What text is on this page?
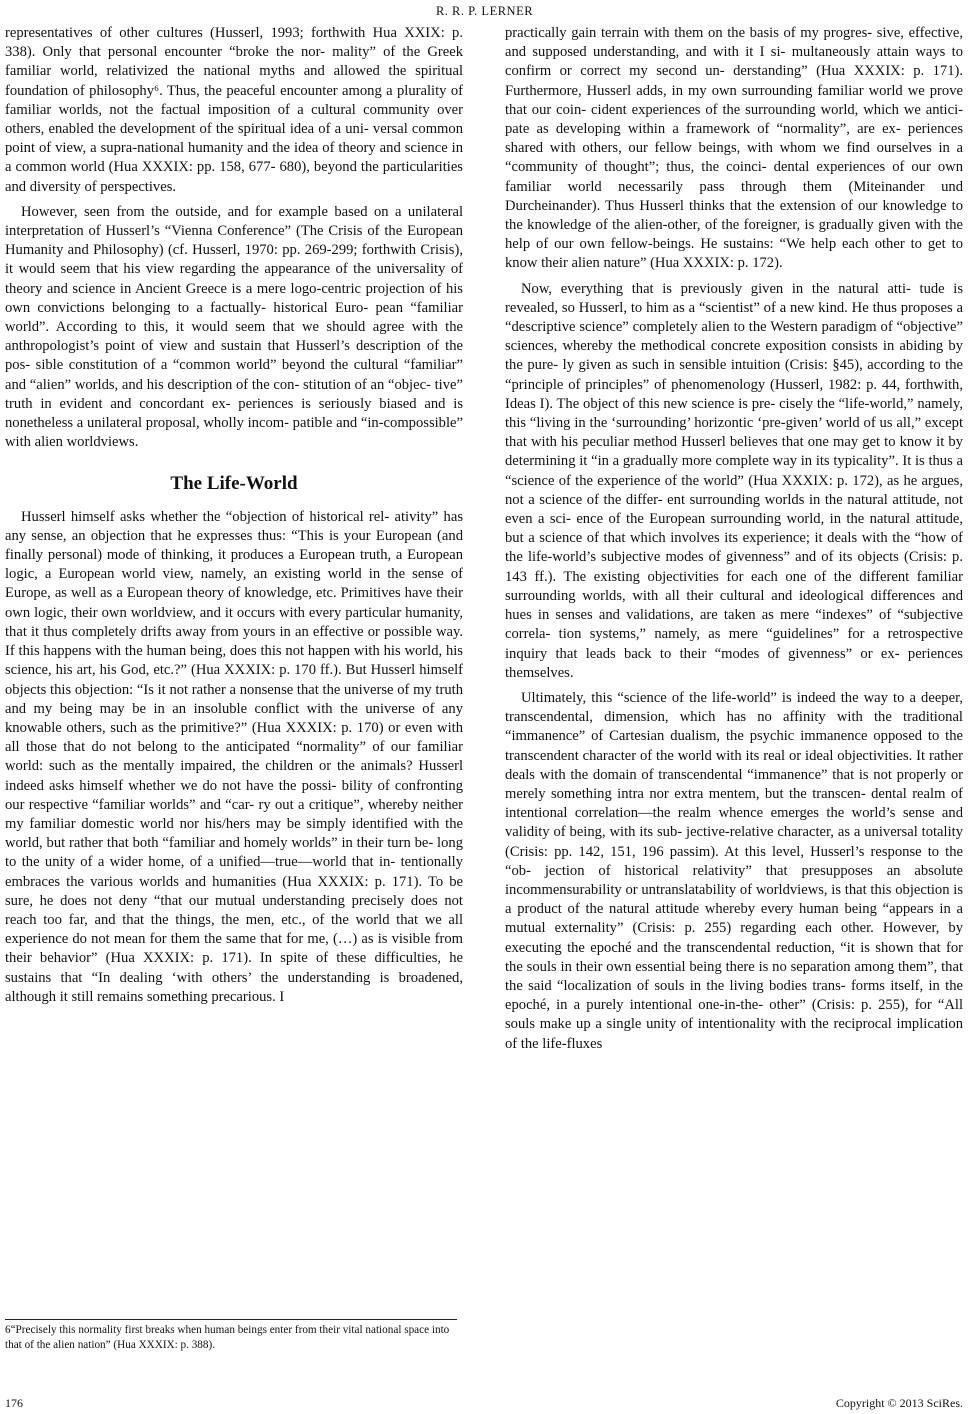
R. R. P. LERNER

representatives of other cultures (Husserl, 1993; forthwith Hua XXIX: p. 338). Only that personal encounter “broke the nor- mality” of the Greek familiar world, relativized the national myths and allowed the spiritual foundation of philosophy⁶. Thus, the peaceful encounter among a plurality of familiar worlds, not the factual imposition of a cultural community over others, enabled the development of the spiritual idea of a uni- versal common point of view, a supra-national humanity and the idea of theory and science in a common world (Hua XXXIX: pp. 158, 677- 680), beyond the particularities and diversity of perspectives.

However, seen from the outside, and for example based on a unilateral interpretation of Husserl’s “Vienna Conference” (The Crisis of the European Humanity and Philosophy) (cf. Husserl, 1970: pp. 269-299; forthwith Crisis), it would seem that his view regarding the appearance of the universality of theory and science in Ancient Greece is a mere logo-centric projection of his own convictions belonging to a factually- historical Euro- pean “familiar world”. According to this, it would seem that we should agree with the anthropologist’s point of view and sustain that Husserl’s description of the pos- sible constitution of a “common world” beyond the cultural “familiar” and “alien” worlds, and his description of the con- stitution of an “objec- tive” truth in evident and concordant ex- periences is seriously biased and is nonetheless a unilateral proposal, wholly incom- patible and “in-compossible” with alien worldviews.

The Life-World

Husserl himself asks whether the “objection of historical rel- ativity” has any sense, an objection that he expresses thus: “This is your European (and finally personal) mode of thinking, it produces a European truth, a European logic, a European world view, namely, an existing world in the sense of Europe, as well as a European theory of knowledge, etc. Primitives have their own logic, their own worldview, and it occurs with every particular humanity, that it thus completely drifts away from yours in an effective or possible way. If this happens with the human being, does this not happen with his world, his science, his art, his God, etc.?” (Hua XXXIX: p. 170 ff.). But Husserl himself objects this objection: “Is it not rather a nonsense that the universe of my truth and my being may be in an insoluble conflict with the universe of any knowable others, such as the primitive?” (Hua XXXIX: p. 170) or even with all those that do not belong to the anticipated “normality” of our familiar world: such as the mentally impaired, the children or the animals? Husserl indeed asks himself whether we do not have the possi- bility of confronting our respective “familiar worlds” and “car- ry out a critique”, whereby neither my familiar domestic world nor his/hers may be simply identified with the world, but rather that both “familiar and homely worlds” in their turn be- long to the unity of a wider home, of a unified—true—world that in- tentionally embraces the various worlds and humanities (Hua XXXIX: p. 171). To be sure, he does not deny “that our mutual understanding precisely does not reach too far, and that the things, the men, etc., of the world that we all experience do not mean for them the same that for me, (…) as is visible from their behavior” (Hua XXXIX: p. 171). In spite of these difficulties, he sustains that “In dealing ‘with others’ the understanding is broadened, although it still remains something precarious. I

practically gain terrain with them on the basis of my progres- sive, effective, and supposed understanding, and with it I si- multaneously attain ways to confirm or correct my second un- derstanding” (Hua XXXIX: p. 171). Furthermore, Husserl adds, in my own surrounding familiar world we prove that our coin- cident experiences of the surrounding world, which we antici- pate as developing within a framework of “normality”, are ex- periences shared with others, our fellow beings, with whom we find ourselves in a “community of thought”; thus, the coinci- dental experiences of our own familiar world necessarily pass through them (Miteinander und Durcheinander). Thus Husserl thinks that the extension of our knowledge to the knowledge of the alien-other, of the foreigner, is gradually given with the help of our own fellow-beings. He sustains: “We help each other to get to know their alien nature” (Hua XXXIX: p. 172).

Now, everything that is previously given in the natural atti- tude is revealed, so Husserl, to him as a “scientist” of a new kind. He thus proposes a “descriptive science” completely alien to the Western paradigm of “objective” sciences, whereby the methodical concrete exposition consists in abiding by the pure- ly given as such in sensible intuition (Crisis: §45), according to the “principle of principles” of phenomenology (Husserl, 1982: p. 44, forthwith, Ideas I). The object of this new science is pre- cisely the “life-world,” namely, this “living in the ‘surrounding’ horizontic ‘pre-given’ world of us all,” except that with his peculiar method Husserl believes that one may get to know it by determining it “in a gradually more complete way in its typicality”. It is thus a “science of the experience of the world” (Hua XXXIX: p. 172), as he argues, not a science of the differ- ent surrounding worlds in the natural attitude, not even a sci- ence of the European surrounding world, in the natural attitude, but a science of that which involves its experience; it deals with the “how of the life-world’s subjective modes of givenness” and of its objects (Crisis: p. 143 ff.). The existing objectivities for each one of the different familiar surrounding worlds, with all their cultural and ideological differences and hues in senses and validations, are taken as mere “indexes” of “subjective correla- tion systems,” namely, as mere “guidelines” for a retrospective inquiry that leads back to their “modes of givenness” or ex- periences themselves.

Ultimately, this “science of the life-world” is indeed the way to a deeper, transcendental, dimension, which has no affinity with the traditional “immanence” of Cartesian dualism, the psychic immanence opposed to the transcendent character of the world with its real or ideal objectivities. It rather deals with the domain of transcendental “immanence” that is not properly or merely something intra nor extra mentem, but the transcen- dental realm of intentional correlation—the realm whence emerges the world’s sense and validity of being, with its sub- jective-relative character, as a universal totality (Crisis: pp. 142, 151, 196 passim). At this level, Husserl’s response to the “ob- jection of historical relativity” that presupposes an absolute incommensurability or untranslatability of worldviews, is that this objection is a product of the natural attitude whereby every human being “appears in a mutual externality” (Crisis: p. 255) regarding each other. However, by executing the epoché and the transcendental reduction, “it is shown that for the souls in their own essential being there is no separation among them”, that the said “localization of souls in the living bodies trans- forms itself, in the epoché, in a purely intentional one-in-the- other” (Crisis: p. 255), for “All souls make up a single unity of intentionality with the reciprocal implication of the life-fluxes

6“Precisely this normality first breaks when human beings enter from their vital national space into that of the alien nation” (Hua XXXIX: p. 388).
176	Copyright © 2013 SciRes.
